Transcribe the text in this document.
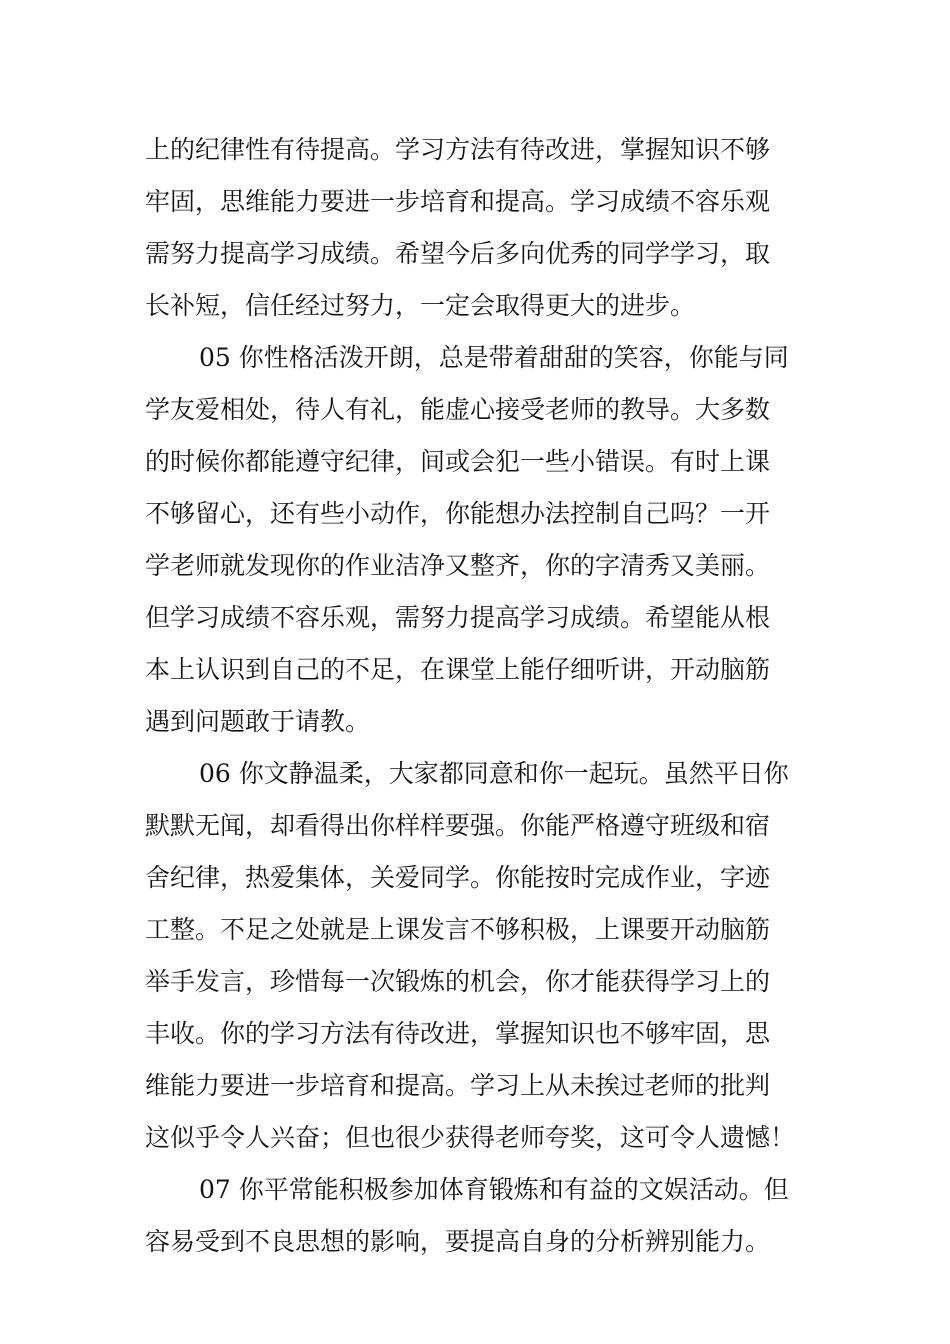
上的纪律性有待提高。学习方法有待改进，掌握知识不够
牢固，思维能力要进一步培育和提高。学习成绩不容乐观
需努力提高学习成绩。希望今后多向优秀的同学学习，取
长补短，信任经过努力，一定会取得更大的进步。
05 你性格活泼开朗，总是带着甜甜的笑容，你能与同
学友爱相处，待人有礼，能虚心接受老师的教导。大多数
的时候你都能遵守纪律，间或会犯一些小错误。有时上课
不够留心，还有些小动作，你能想办法控制自己吗？一开
学老师就发现你的作业洁净又整齐，你的字清秀又美丽。
但学习成绩不容乐观，需努力提高学习成绩。希望能从根
本上认识到自己的不足，在课堂上能仔细听讲，开动脑筋
遇到问题敢于请教。
06 你文静温柔，大家都同意和你一起玩。虽然平日你
默默无闻，却看得出你样样要强。你能严格遵守班级和宿
舍纪律，热爱集体，关爱同学。你能按时完成作业，字迹
工整。不足之处就是上课发言不够积极，上课要开动脑筋
举手发言，珍惜每一次锻炼的机会，你才能获得学习上的
丰收。你的学习方法有待改进，掌握知识也不够牢固，思
维能力要进一步培育和提高。学习上从未挨过老师的批判
这似乎令人兴奋；但也很少获得老师夸奖，这可令人遗憾！
07 你平常能积极参加体育锻炼和有益的文娱活动。但
容易受到不良思想的影响，要提高自身的分析辨别能力。
